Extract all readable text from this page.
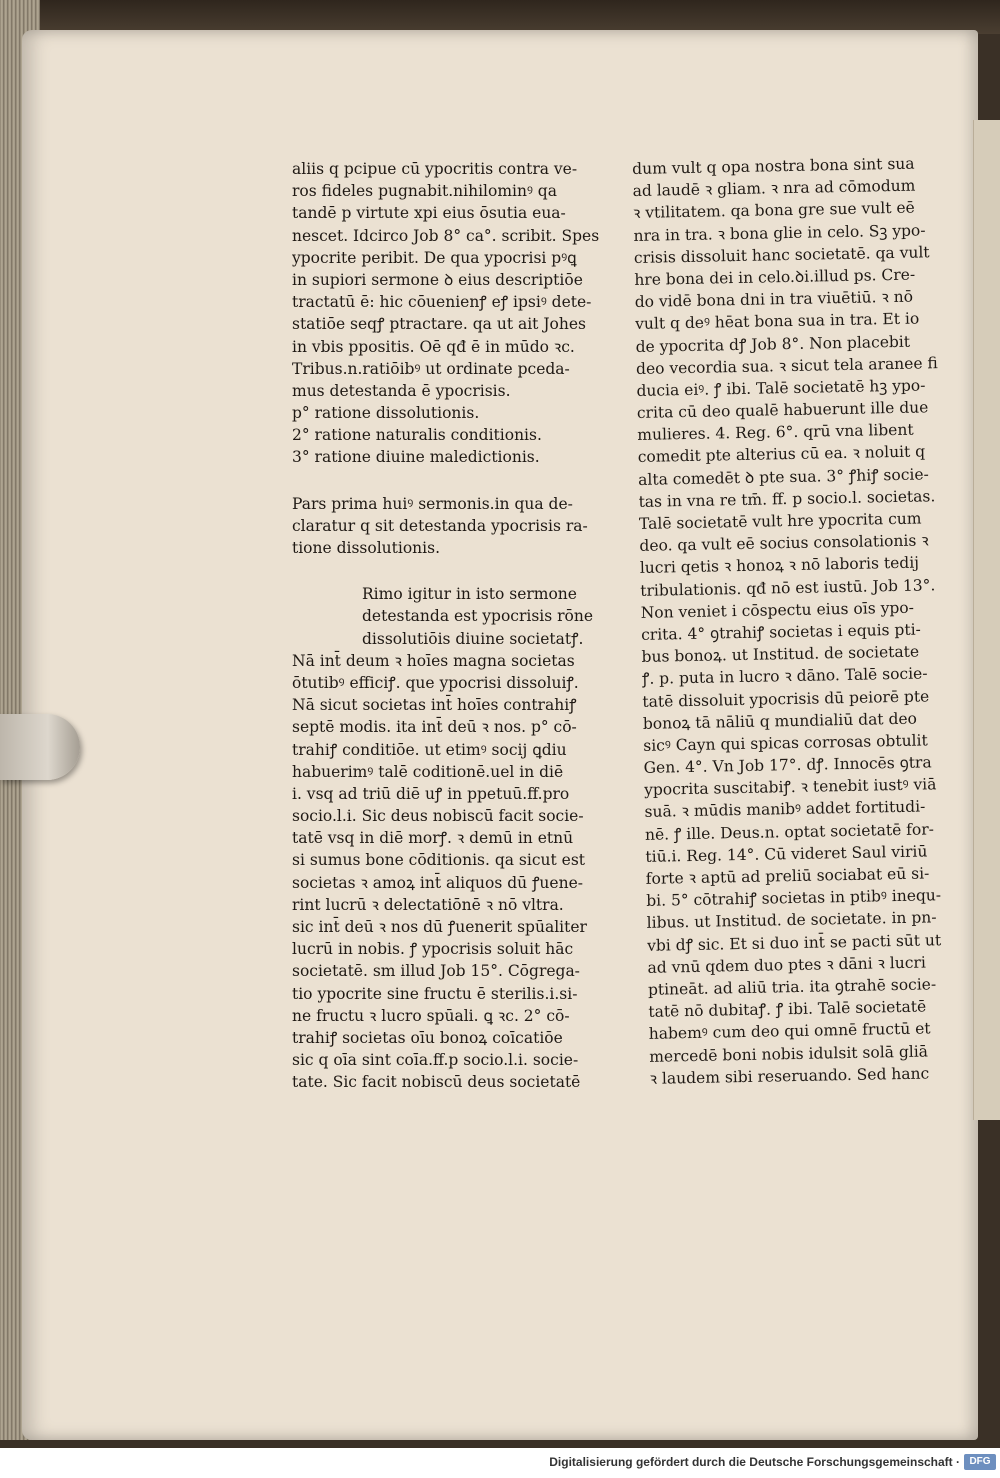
aliis q pcipue cū ypocritis contra ve-
ros fideles pugnabit.nihilominꝰ qa
tandē p virtute xpi eius ōsutia eua-
nescet. Idcirco Job 8° ca°. scribit. Spes
ypocrite peribit. De qua ypocrisi pꝰꝗ
in supiori sermone ꝺ eius descriptiōe
tractatū ē: hic cōuenienꝭ eꝭ ipsiꝰ dete-
statiōe seqꝭ ptractare. qa ut ait Johes
in vbis ppositis. Oē qđ ē in mūdo ꝛc.
Tribus.n.ratiōibꝰ ut ordinate pceda-
mus detestanda ē ypocrisis.
p° ratione dissolutionis.
2° ratione naturalis conditionis.
3° ratione diuine maledictionis.
Pars prima huiꝰ sermonis.in qua de-
claratur q sit detestanda ypocrisis ra-
tione dissolutionis.
Rimo igitur in isto sermone
detestanda est ypocrisis rōne
dissolutiōis diuine societatꝭ.
Nā int̄ deum ꝛ hoīes magna societas
ōtutibꝰ efficiꝭ. que ypocrisi dissoluiꝭ.
Nā sicut societas int̄ hoīes contrahiꝭ
septē modis. ita int̄ deū ꝛ nos. p° cō-
trahiꝭ conditiōe. ut etimꝰ socij ꝗdiu
habuerimꝰ talē coditionē.uel in diē
i. vsq ad triū diē uꝭ in ppetuū.ff.pro
socio.l.i. Sic deus nobiscū facit socie-
tatē vsq in diē morꝭ. ꝛ demū in etnū
si sumus bone cōditionis. qa sicut est
societas ꝛ amoꝝ int̄ aliquos dū ꝭuene-
rint lucrū ꝛ delectatiōnē ꝛ nō vltra.
sic int̄ deū ꝛ nos dū ꝭuenerit spūaliter
lucrū in nobis. ꝭ ypocrisis soluit hāc
societatē. sm illud Job 15°. Cōgrega-
tio ypocrite sine fructu ē sterilis.i.si-
ne fructu ꝛ lucro spūali. ꝗ ꝛc. 2° cō-
trahiꝭ societas oīu bonoꝝ coīcatiōe
sic q oīa sint coīa.ff.p socio.l.i. socie-
tate. Sic facit nobiscū deus societatē
dum vult q opa nostra bona sint sua
ad laudē ꝛ gliam. ꝛ nra ad cōmodum
ꝛ vtilitatem. qa bona gre sue vult eē
nra in tra. ꝛ bona glie in celo. Sꝫ ypo-
crisis dissoluit hanc societatē. qa vult
hre bona dei in celo.ꝺi.illud ps. Cre-
do vidē bona dni in tra viuētiū. ꝛ nō
vult q deꝰ hēat bona sua in tra. Et io
de ypocrita dꝭ Job 8°. Non placebit
deo vecordia sua. ꝛ sicut tela aranee fi
ducia eiꝰ. ꝭ ibi. Talē societatē hꝫ ypo-
crita cū deo qualē habuerunt ille due
mulieres. 4. Reg. 6°. qrū vna libent
comedit pte alterius cū ea. ꝛ noluit q
alta comedēt ꝺ pte sua. 3° ꝭhiꝭ socie-
tas in vna re tm̄. ff. p socio.l. societas.
Talē societatē vult hre ypocrita cum
deo. qa vult eē socius consolationis ꝛ
lucri qetis ꝛ honoꝝ ꝛ nō laboris tedij
tribulationis. qđ nō est iustū. Job 13°.
Non veniet i cōspectu eius oīs ypo-
crita. 4° ꝯtrahiꝭ societas i equis pti-
bus bonoꝝ. ut Institud. de societate
ꝭ. p. puta in lucro ꝛ dāno. Talē socie-
tatē dissoluit ypocrisis dū peiorē pte
bonoꝝ tā nāliū q mundialiū dat deo
sicꝰ Cayn qui spicas corrosas obtulit
Gen. 4°. Vn Job 17°. dꝭ. Innocēs ꝯtra
ypocrita suscitabiꝭ. ꝛ tenebit iustꝰ viā
suā. ꝛ mūdis manibꝰ addet fortitudi-
nē. ꝭ ille. Deus.n. optat societatē for-
tiū.i. Reg. 14°. Cū videret Saul viriū
forte ꝛ aptū ad preliū sociabat eū si-
bi. 5° cōtrahiꝭ societas in ptibꝰ inequ-
libus. ut Institud. de societate. in pn-
vbi dꝭ sic. Et si duo int̄ se pacti sūt ut
ad vnū qdem duo ptes ꝛ dāni ꝛ lucri
ptineāt. ad aliū tria. ita ꝯtrahē socie-
tatē nō dubitaꝭ. ꝭ ibi. Talē societatē
habemꝰ cum deo qui omnē fructū et
mercedē boni nobis idulsit solā gliā
ꝛ laudem sibi reseruando. Sed hanc
Digitalisierung gefördert durch die Deutsche Forschungsgemeinschaft · DFG
